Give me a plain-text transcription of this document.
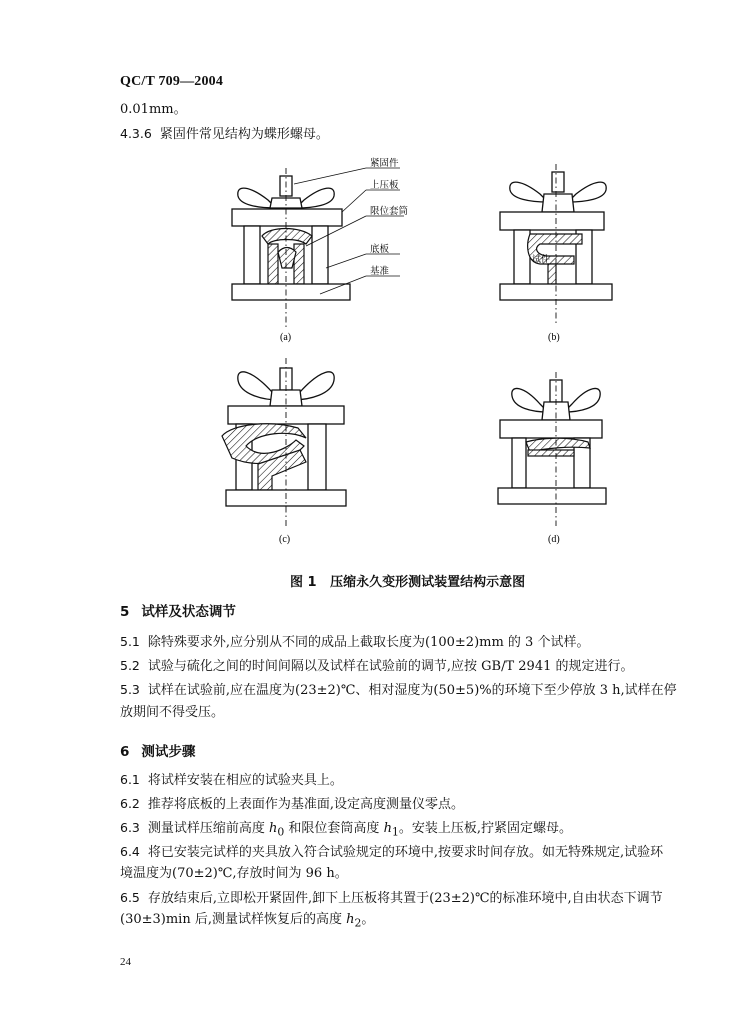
QC/T 709—2004
0.01mm。
4.3.6 紧固件常见结构为蝶形螺母。
紧固件
上压板
限位套筒
底板
基准
(a)
试件
(b)
(c)	(d)
图 1 压缩永久变形测试装置结构示意图
5 试样及状态调节
5.1 除特殊要求外,应分别从不同的成品上截取长度为(100±2)mm 的 3 个试样。
5.2 试验与硫化之间的时间间隔以及试样在试验前的调节,应按 GB/T 2941 的规定进行。
5.3 试样在试验前,应在温度为(23±2)℃、相对湿度为(50±5)%的环境下至少停放 3 h,试样在停
放期间不得受压。
6 测试步骤
6.1 将试样安装在相应的试验夹具上。
6.2 推荐将底板的上表面作为基准面,设定高度测量仪零点。
6.3 测量试样压缩前高度 $h_0$ 和限位套筒高度 $h_1$。安装上压板,拧紧固定螺母。
6.4 将已安装完试样的夹具放入符合试验规定的环境中,按要求时间存放。如无特殊规定,试验环
境温度为(70±2)℃,存放时间为 96 h。
6.5 存放结束后,立即松开紧固件,卸下上压板将其置于(23±2)℃的标准环境中,自由状态下调节
(30±3)min 后,测量试样恢复后的高度 $h_2$。
24
